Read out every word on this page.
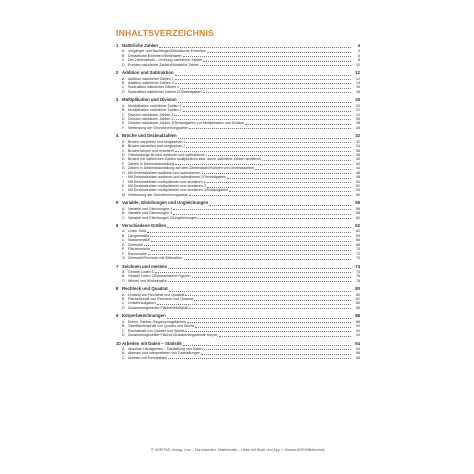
INHALTSVERZEICHNIS
1 Natürliche Zahlen	4
A Vorgänger und Nachfolger/Dekadische Einheiten	4
B Dekadische Einheiten/Stellenwert	6
C Der Zahlenstrahl – Ordnung natürlicher Zahlen	8
D Runden natürlicher Zahlen/Römische Zahlen	10
2 Addition und Subtraktion	12
A Addition natürlicher Zahlen 1	12
B Addition natürlicher Zahlen 2	14
C Subtraktion natürlicher Zahlen 1	16
D Subtraktion natürlicher Zahlen 2/Textaufgaben	18
3 Multiplikation und Division	20
A Multiplikation natürlicher Zahlen 1	20
B Multiplikation natürlicher Zahlen 2	22
C Division natürlicher Zahlen 1	24
D Division natürlicher Zahlen 2	26
E Division natürlicher Zahlen 3/Textaufgaben zur Multiplikation und Division	28
F	Verbindung der Grundrechnungsarten	30
4 Brüche und Dezimalzahlen	32
A Brüche darstellen und vergleichen 1	32
B Brüche darstellen und vergleichen 2	34
C Brüche kürzen und erweitern	36
D Gleichnamige Brüche addieren und subtrahieren	38
E Brüche mit natürlichen Zahlen multiplizieren bzw. durch natürliche Zahlen dividieren	40
F	Zahlen in Dezimaldarstellung	42
G Zahlen in Dezimaldarstellung auf dem Zahlenstrahl/Runden von Dezimalzahlen	44
H Mit Dezimalzahlen addieren und subtrahieren 1	46
I	Mit Dezimalzahlen addieren und subtrahieren 2/Textaufgaben	48
J	Mit Dezimalzahlen multiplizieren und dividieren 1	50
K Mit Dezimalzahlen multiplizieren und dividieren 2	52
L	Mit Dezimalzahlen multiplizieren und dividieren 3/Textaufgaben	54
M Verbindung der Grundrechnungsarten	55
5 Variable, Gleichungen und Ungleichungen	56
A Variable und Gleichungen 1	56
B Variable und Gleichungen 2	58
C Variable und Gleichungen 3/Ungleichungen	60
6 Verschiedene Größen	62
A Unser Geld	62
B Längenmaße	64
C Massenmaße	66
D Zeitmaße	68
E Flächenmaße	70
F	Raummaße	72
G Zeitmaße/Rechnen mit Zeitmaßen	73
7 Zeichnen und messen	74
A Gerade Linien 1	74
B Gerade Linien 2/Symmetrische Figuren	76
C Winkel und Winkelmaße	78
8 Rechteck und Quadrat	80
A Umfang von Rechteck und Quadrat	80
B Flächeninhalt von Rechteck und Quadrat	82
C Umkehraufgaben	84
D Zusammengesetzte Flächen/Maßstab	86
9 Körperberechnungen	88
A Ecken, Kanten, Begrenzungsflächen	88
B Oberflächeninhalt von Quader und Würfel	90
C Rauminhalt von Quader und Würfel	92
D Zusammengesetzte Flächen/Zusammengesetzte Körper	93
10 Arbeiten mit Daten – Statistik	94
A Absolute Häufigkeiten – Darstellung von Daten	94
B Ablesen und Interpretieren von Darstellungen	96
C Arbeiten mit Kennzahlen	98
© VERITAS-Verlag, Linz – Durchstarten, Mathematik – Üben mit Buch und App 1. Klasse AHS/Mittelschule
